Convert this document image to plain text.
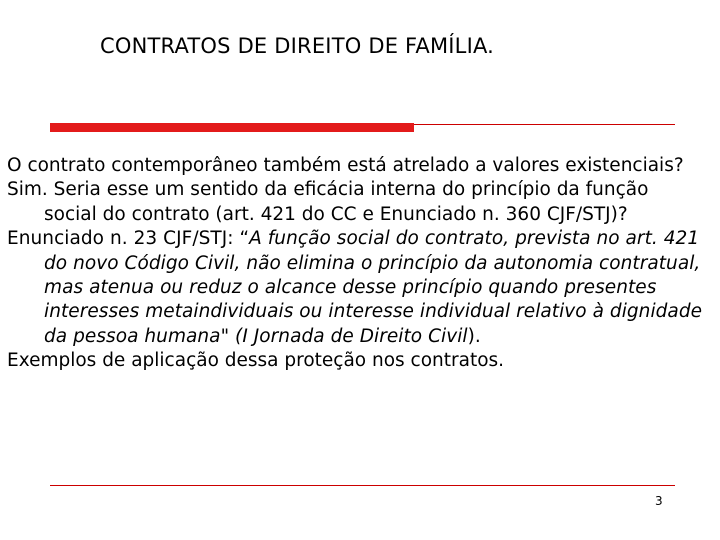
CONTRATOS DE DIREITO DE FAMÍLIA.

O contrato contemporâneo também está atrelado a valores existenciais?

Sim. Seria esse um sentido da eficácia interna do princípio da função social do contrato (art. 421 do CC e Enunciado n. 360 CJF/STJ)?

Enunciado n. 23 CJF/STJ: “A função social do contrato, prevista no art. 421 do novo Código Civil, não elimina o princípio da autonomia contratual, mas atenua ou reduz o alcance desse princípio quando presentes interesses metaindividuais ou interesse individual relativo à dignidade da pessoa humana" (I Jornada de Direito Civil).

Exemplos de aplicação dessa proteção nos contratos.

3
